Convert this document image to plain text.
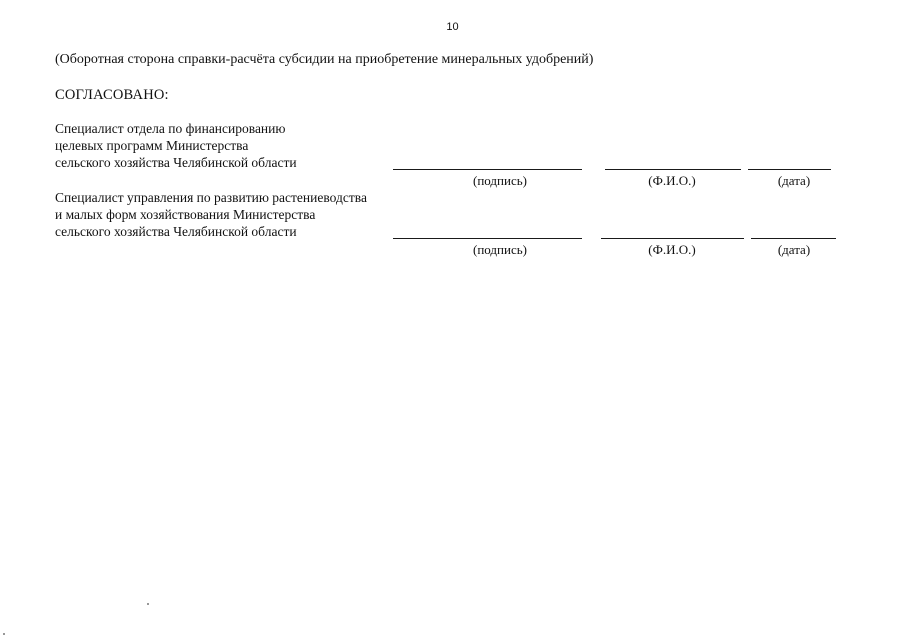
10
(Оборотная сторона справки-расчёта субсидии на приобретение минеральных удобрений)
СОГЛАСОВАНО:
Специалист отдела по финансированию
целевых программ Министерства
сельского хозяйства Челябинской области
(подпись)	(Ф.И.О.)	(дата)
Специалист управления по развитию растениеводства
и малых форм хозяйствования Министерства
сельского хозяйства Челябинской области
(подпись)	(Ф.И.О.)	(дата)
